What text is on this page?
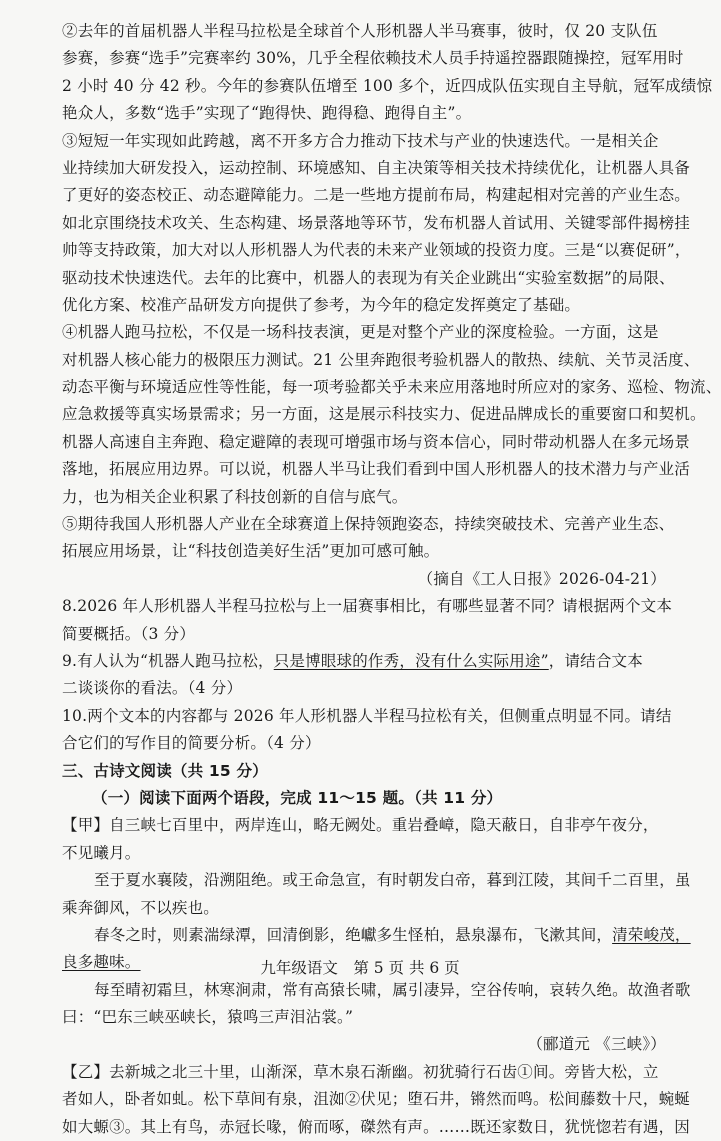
②去年的首届机器人半程马拉松是全球首个人形机器人半马赛事，彼时，仅 20 支队伍
参赛，参赛“选手”完赛率约 30%，几乎全程依赖技术人员手持遥控器跟随操控，冠军用时
2 小时 40 分 42 秒。今年的参赛队伍增至 100 多个，近四成队伍实现自主导航，冠军成绩惊
艳众人，多数“选手”实现了“跑得快、跑得稳、跑得自主”。
③短短一年实现如此跨越，离不开多方合力推动下技术与产业的快速迭代。一是相关企
业持续加大研发投入，运动控制、环境感知、自主决策等相关技术持续优化，让机器人具备
了更好的姿态校正、动态避障能力。二是一些地方提前布局，构建起相对完善的产业生态。
如北京围绕技术攻关、生态构建、场景落地等环节，发布机器人首试用、关键零部件揭榜挂
帅等支持政策，加大对以人形机器人为代表的未来产业领域的投资力度。三是“以赛促研”，
驱动技术快速迭代。去年的比赛中，机器人的表现为有关企业跳出“实验室数据”的局限、
优化方案、校准产品研发方向提供了参考，为今年的稳定发挥奠定了基础。
④机器人跑马拉松，不仅是一场科技表演，更是对整个产业的深度检验。一方面，这是
对机器人核心能力的极限压力测试。21 公里奔跑很考验机器人的散热、续航、关节灵活度、
动态平衡与环境适应性等性能，每一项考验都关乎未来应用落地时所应对的家务、巡检、物流、
应急救援等真实场景需求；另一方面，这是展示科技实力、促进品牌成长的重要窗口和契机。
机器人高速自主奔跑、稳定避障的表现可增强市场与资本信心，同时带动机器人在多元场景
落地，拓展应用边界。可以说，机器人半马让我们看到中国人形机器人的技术潜力与产业活
力，也为相关企业积累了科技创新的自信与底气。
⑤期待我国人形机器人产业在全球赛道上保持领跑姿态，持续突破技术、完善产业生态、
拓展应用场景，让“科技创造美好生活”更加可感可触。
（摘自《工人日报》2026-04-21）
8.2026 年人形机器人半程马拉松与上一届赛事相比，有哪些显著不同？请根据两个文本
简要概括。（3 分）
9.有人认为“机器人跑马拉松，只是博眼球的作秀，没有什么实际用途”，请结合文本
二谈谈你的看法。（4 分）
10.两个文本的内容都与 2026 年人形机器人半程马拉松有关，但侧重点明显不同。请结
合它们的写作目的简要分析。（4 分）
三、古诗文阅读（共 15 分）
（一）阅读下面两个语段，完成 11～15 题。（共 11 分）
【甲】自三峡七百里中，两岸连山，略无阙处。重岩叠嶂，隐天蔽日，自非亭午夜分，
不见曦月。
至于夏水襄陵，沿溯阻绝。或王命急宣，有时朝发白帝，暮到江陵，其间千二百里，虽
乘奔御风，不以疾也。
春冬之时，则素湍绿潭，回清倒影，绝巘多生怪柏，悬泉瀑布，飞漱其间，清荣峻茂，
良多趣味。
每至晴初霜旦，林寒涧肃，常有高猿长啸，属引凄异，空谷传响，哀转久绝。故渔者歌
曰：“巴东三峡巫峡长，猿鸣三声泪沾裳。”
（郦道元 《三峡》）
【乙】去新城之北三十里，山渐深，草木泉石渐幽。初犹骑行石齿①间。旁皆大松，立
者如人，卧者如虬。松下草间有泉，沮洳②伏见；堕石井，锵然而鸣。松间藤数十尺，蜿蜒
如大螈③。其上有鸟，赤冠长喙，俯而啄，磔然有声。……既还家数日，犹恍惚若有遇，因
九年级语文　第 5 页 共 6 页
